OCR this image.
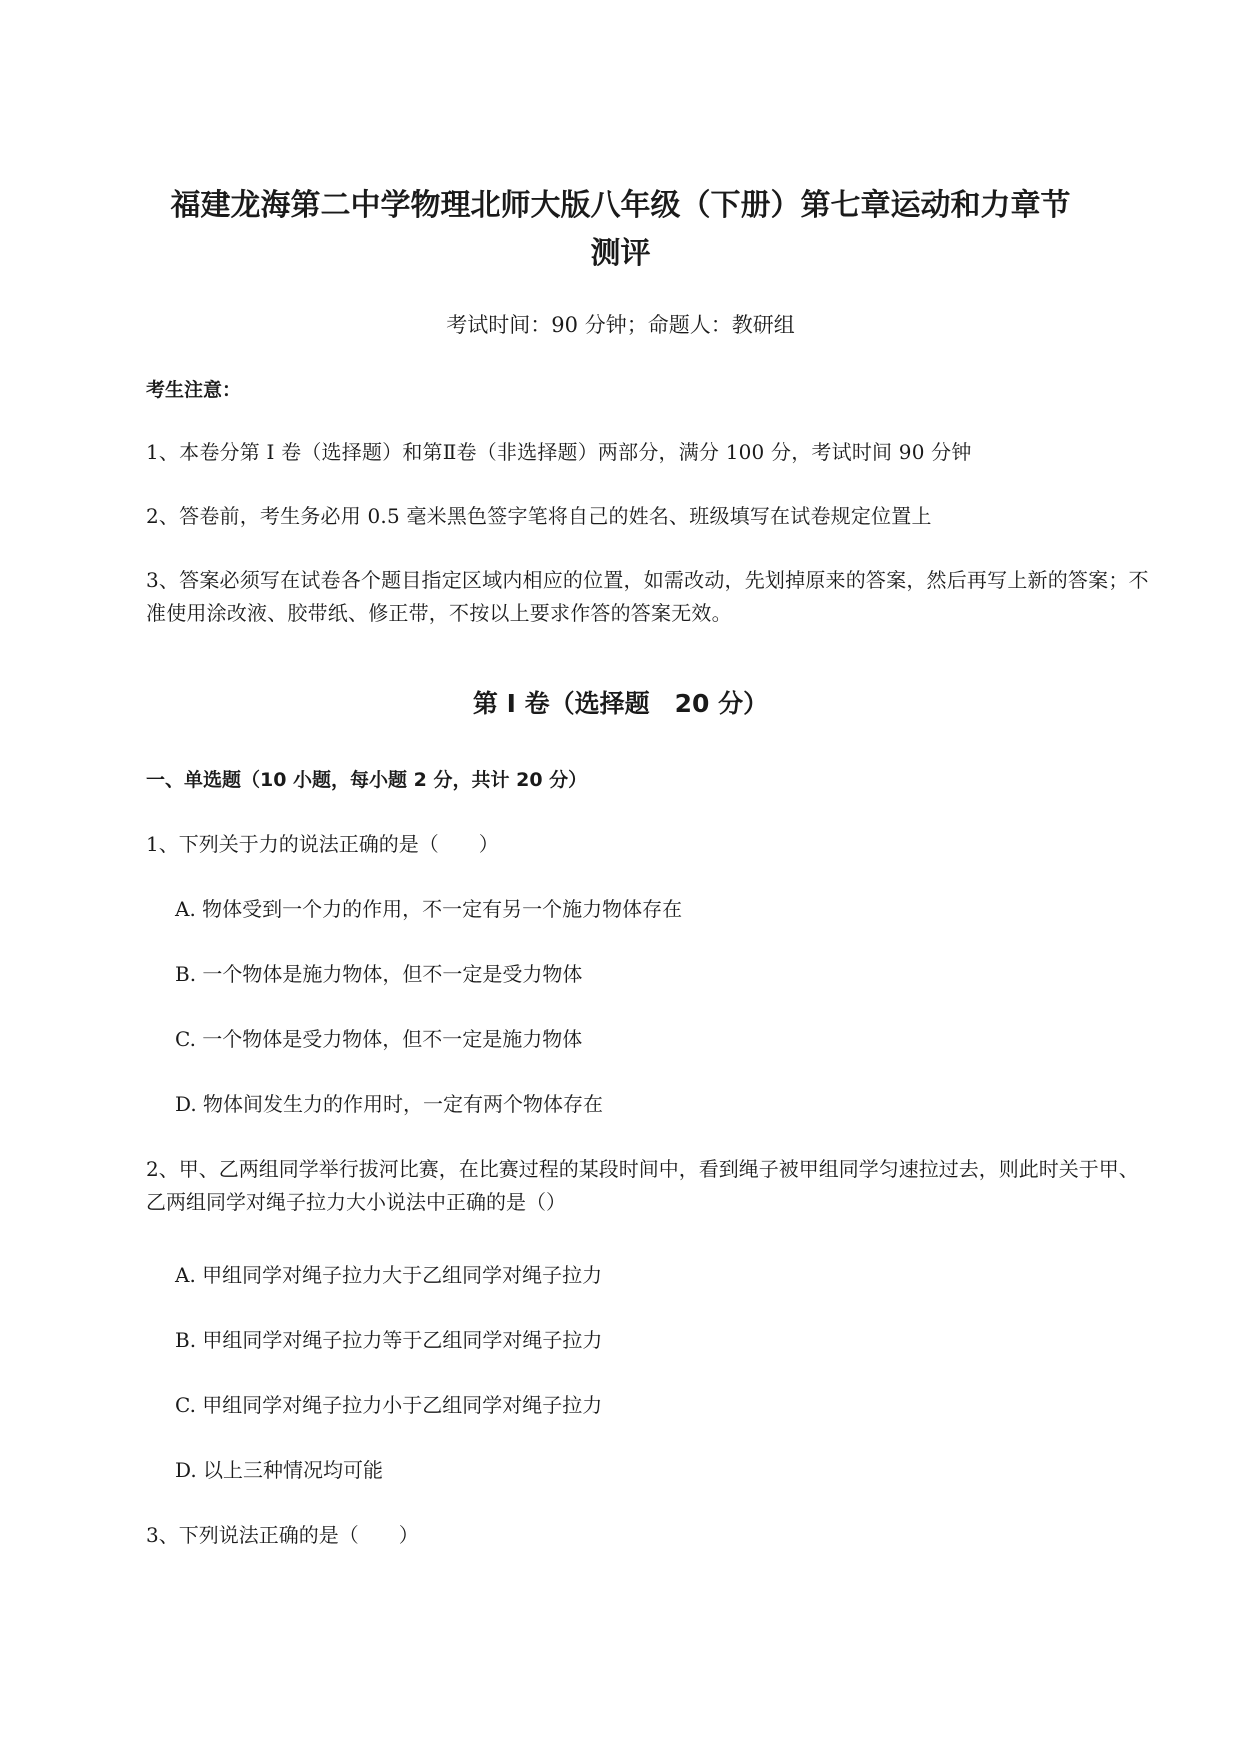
福建龙海第二中学物理北师大版八年级（下册）第七章运动和力章节
测评
考试时间：90 分钟；命题人：教研组
考生注意：
1、本卷分第 I 卷（选择题）和第Ⅱ卷（非选择题）两部分，满分 100 分，考试时间 90 分钟
2、答卷前，考生务必用 0.5 毫米黑色签字笔将自己的姓名、班级填写在试卷规定位置上
3、答案必须写在试卷各个题目指定区域内相应的位置，如需改动，先划掉原来的答案，然后再写上新的答案；不准使用涂改液、胶带纸、修正带，不按以上要求作答的答案无效。
第 I 卷（选择题　20 分）
一、单选题（10 小题，每小题 2 分，共计 20 分）
1、下列关于力的说法正确的是（　　）
A. 物体受到一个力的作用，不一定有另一个施力物体存在
B. 一个物体是施力物体，但不一定是受力物体
C. 一个物体是受力物体，但不一定是施力物体
D. 物体间发生力的作用时，一定有两个物体存在
2、甲、乙两组同学举行拔河比赛，在比赛过程的某段时间中，看到绳子被甲组同学匀速拉过去，则此时关于甲、乙两组同学对绳子拉力大小说法中正确的是（）
A. 甲组同学对绳子拉力大于乙组同学对绳子拉力
B. 甲组同学对绳子拉力等于乙组同学对绳子拉力
C. 甲组同学对绳子拉力小于乙组同学对绳子拉力
D. 以上三种情况均可能
3、下列说法正确的是（　　）
